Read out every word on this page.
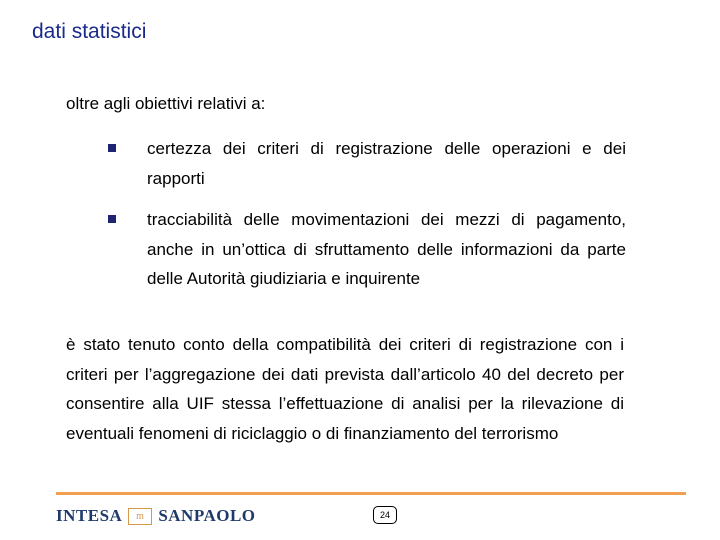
dati statistici
oltre agli obiettivi relativi a:
certezza dei criteri di registrazione delle operazioni e dei rapporti
tracciabilità delle movimentazioni dei mezzi di pagamento, anche in un’ottica di sfruttamento delle informazioni da parte delle Autorità giudiziaria e inquirente

è stato tenuto conto della compatibilità dei criteri di registrazione con i criteri per l’aggregazione dei dati prevista dall’articolo 40 del decreto per consentire alla UIF stessa l’effettuazione di analisi per la rilevazione di eventuali fenomeni di riciclaggio o di finanziamento del terrorismo

INTESA	m SANPAOLO	24
